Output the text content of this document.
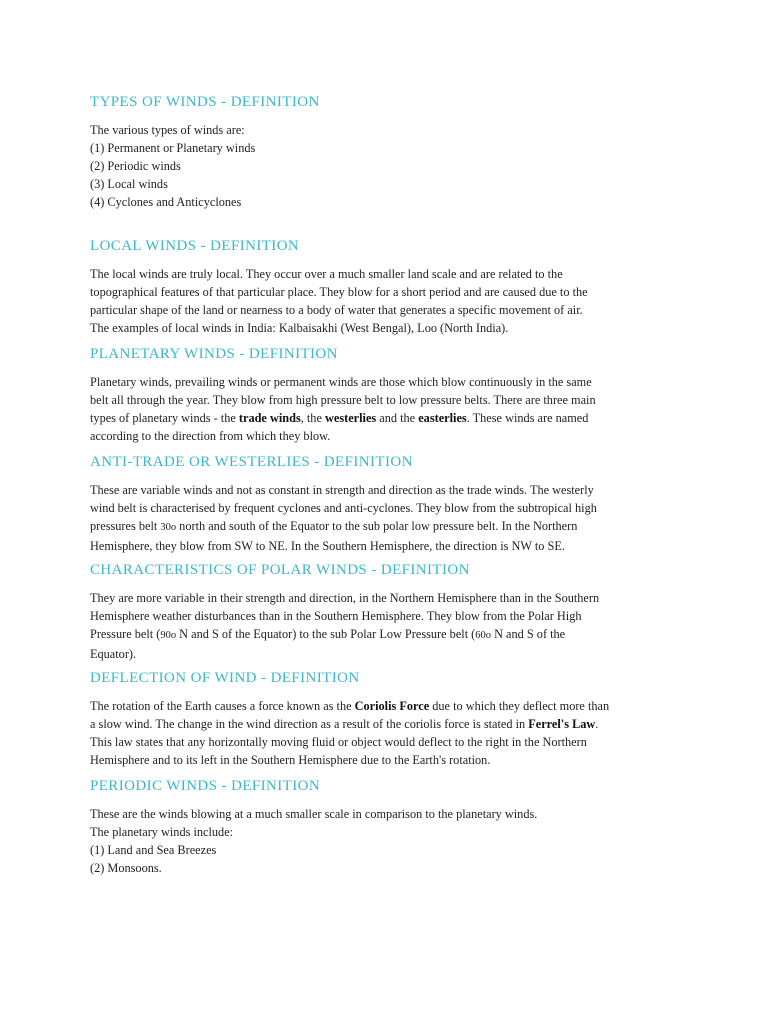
TYPES OF WINDS - DEFINITION
The various types of winds are:
(1) Permanent or Planetary winds
(2) Periodic winds
(3) Local winds
(4) Cyclones and Anticyclones
LOCAL WINDS - DEFINITION
The local winds are truly local. They occur over a much smaller land scale and are related to the
topographical features of that particular place. They blow for a short period and are caused due to the
particular shape of the land or nearness to a body of water that generates a specific movement of air.
The examples of local winds in India: Kalbaisakhi (West Bengal), Loo (North India).
PLANETARY WINDS - DEFINITION
Planetary winds, prevailing winds or permanent winds are those which blow continuously in the same
belt all through the year. They blow from high pressure belt to low pressure belts. There are three main
types of planetary winds - the trade winds, the westerlies and the easterlies. These winds are named
according to the direction from which they blow.
ANTI-TRADE OR WESTERLIES - DEFINITION
These are variable winds and not as constant in strength and direction as the trade winds. The westerly
wind belt is characterised by frequent cyclones and anti-cyclones. They blow from the subtropical high
pressures belt 30o north and south of the Equator to the sub polar low pressure belt. In the Northern
Hemisphere, they blow from SW to NE. In the Southern Hemisphere, the direction is NW to SE.
CHARACTERISTICS OF POLAR WINDS - DEFINITION
They are more variable in their strength and direction, in the Northern Hemisphere than in the Southern
Hemisphere weather disturbances than in the Southern Hemisphere. They blow from the Polar High
Pressure belt (90o N and S of the Equator) to the sub Polar Low Pressure belt (60o N and S of the
Equator).
DEFLECTION OF WIND - DEFINITION
The rotation of the Earth causes a force known as the Coriolis Force due to which they deflect more than
a slow wind. The change in the wind direction as a result of the coriolis force is stated in Ferrel's Law.
This law states that any horizontally moving fluid or object would deflect to the right in the Northern
Hemisphere and to its left in the Southern Hemisphere due to the Earth's rotation.
PERIODIC WINDS - DEFINITION
These are the winds blowing at a much smaller scale in comparison to the planetary winds.
The planetary winds include:
(1) Land and Sea Breezes
(2) Monsoons.
